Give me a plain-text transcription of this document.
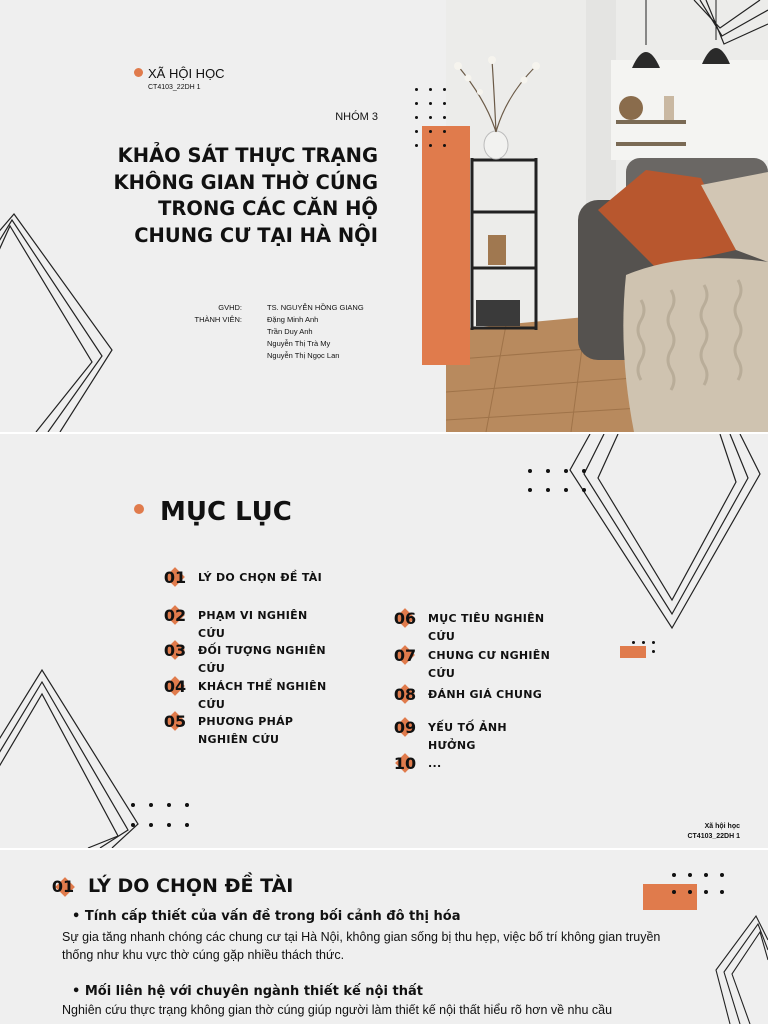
XÃ HỘI HỌC
CT4103_22DH 1
NHÓM 3
KHẢO SÁT THỰC TRẠNG
KHÔNG GIAN THỜ CÚNG
TRONG CÁC CĂN HỘ
CHUNG CƯ TẠI HÀ NỘI
GVHD:
THÀNH VIÊN:
TS. NGUYỄN HỒNG GIANG
Đặng Minh Anh
Trần Duy Anh
Nguyễn Thị Trà My
Nguyễn Thị Ngọc Lan
MỤC LỤC
01 LÝ DO CHỌN ĐỀ TÀI
02 PHẠM VI NGHIÊN CỨU
03 ĐỐI TƯỢNG NGHIÊN CỨU
04 KHÁCH THỂ NGHIÊN CỨU
05 PHƯƠNG PHÁP NGHIÊN CỨU
06 MỤC TIÊU NGHIÊN CỨU
07 CHUNG CƯ NGHIÊN CỨU
08 ĐÁNH GIÁ CHUNG
09 YẾU TỐ ẢNH HƯỞNG
10 ...
Xã hội học
CT4103_22DH 1
01 LÝ DO CHỌN ĐỀ TÀI
• Tính cấp thiết của vấn đề trong bối cảnh đô thị hóa
Sự gia tăng nhanh chóng các chung cư tại Hà Nội, không gian sống bị thu hẹp, việc bố trí không gian truyền thống như khu vực thờ cúng gặp nhiều thách thức.
• Mối liên hệ với chuyên ngành thiết kế nội thất
Nghiên cứu thực trạng không gian thờ cúng giúp người làm thiết kế nội thất hiểu rõ hơn về nhu cầu
